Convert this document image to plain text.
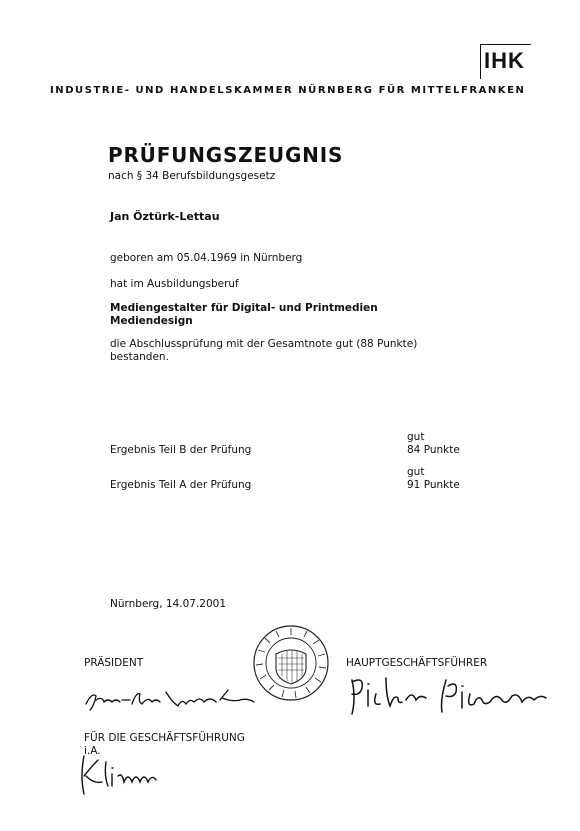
IHK
INDUSTRIE- UND HANDELSKAMMER NÜRNBERG FÜR MITTELFRANKEN
PRÜFUNGSZEUGNIS
nach § 34 Berufsbildungsgesetz
Jan Öztürk-Lettau
geboren am 05.04.1969 in Nürnberg
hat im Ausbildungsberuf
Mediengestalter für Digital- und Printmedien
Mediendesign
die Abschlussprüfung mit der Gesamtnote gut (88 Punkte)
bestanden.
Ergebnis Teil B der Prüfung
gut
84 Punkte
Ergebnis Teil A der Prüfung
gut
91 Punkte
Nürnberg, 14.07.2001
PRÄSIDENT	HAUPTGESCHÄFTSFÜHRER
FÜR DIE GESCHÄFTSFÜHRUNG
i.A.
